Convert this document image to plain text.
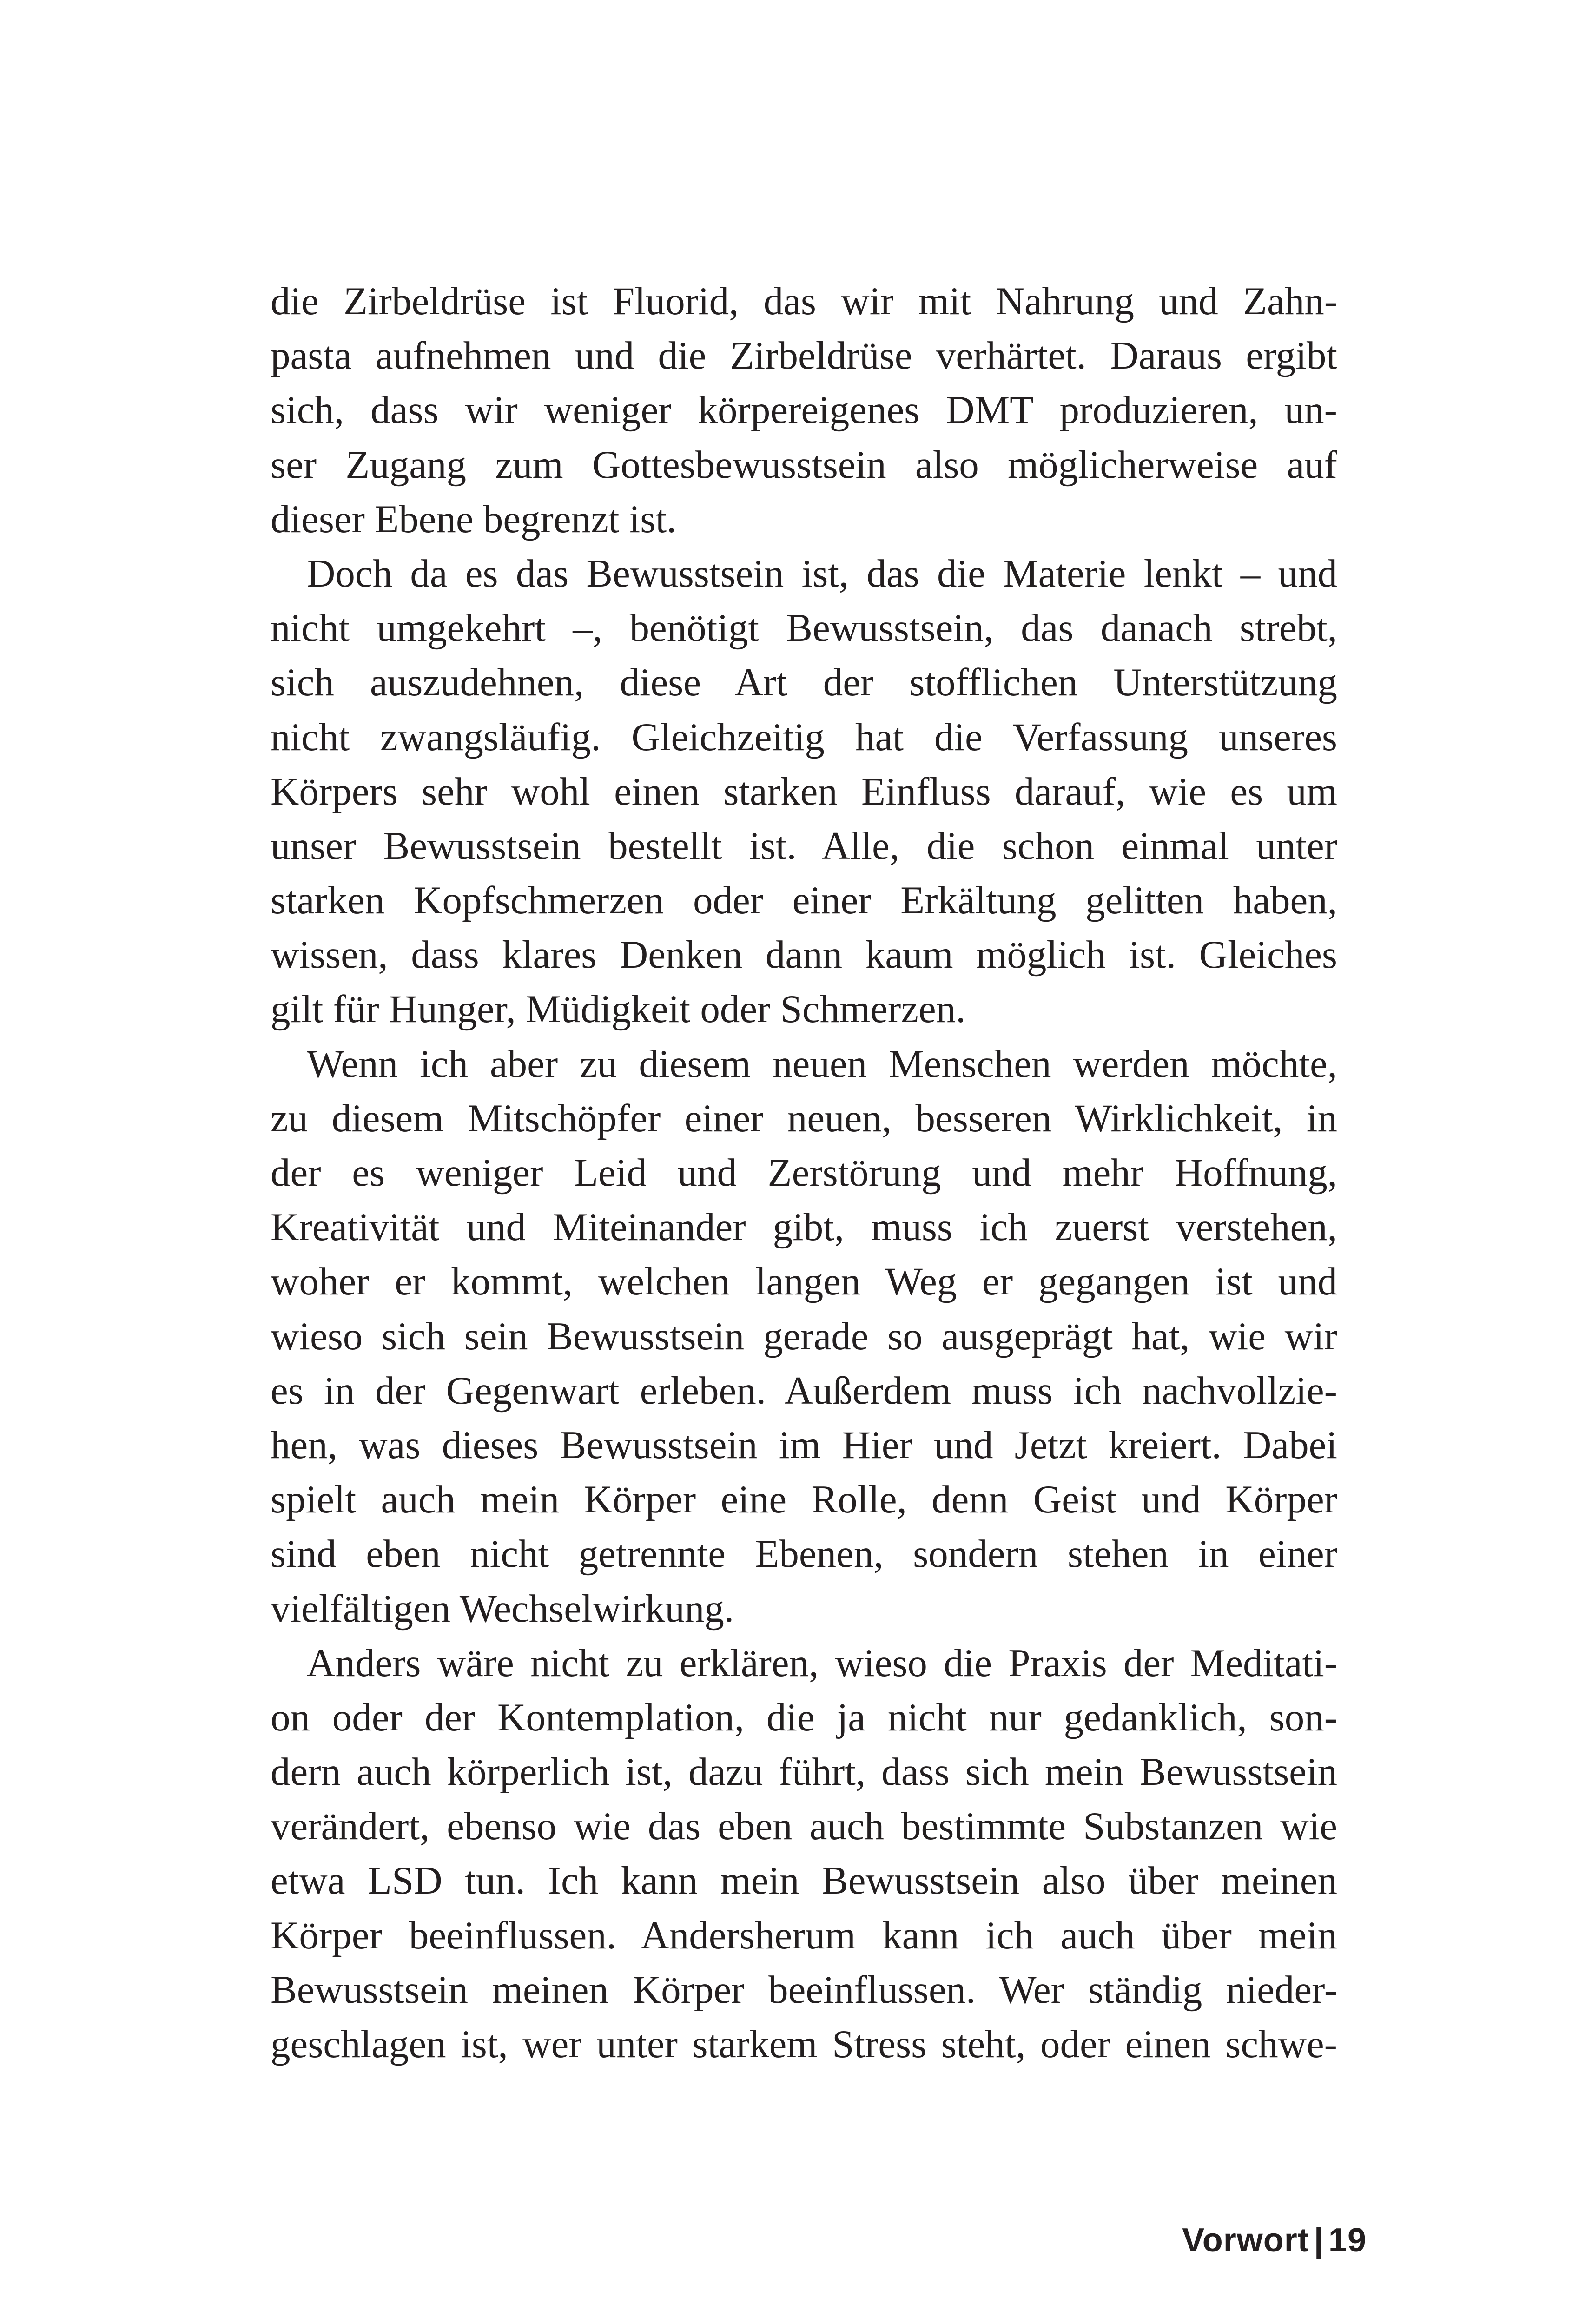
die Zirbeldrüse ist Fluorid, das wir mit Nahrung und Zahn-
pasta aufnehmen und die Zirbeldrüse verhärtet. Daraus ergibt
sich, dass wir weniger körpereigenes DMT produzieren, un-
ser Zugang zum Gottesbewusstsein also möglicherweise auf
dieser Ebene begrenzt ist.
Doch da es das Bewusstsein ist, das die Materie lenkt – und
nicht umgekehrt –, benötigt Bewusstsein, das danach strebt,
sich auszudehnen, diese Art der stofflichen Unterstützung
nicht zwangsläufig. Gleichzeitig hat die Verfassung unseres
Körpers sehr wohl einen starken Einfluss darauf, wie es um
unser Bewusstsein bestellt ist. Alle, die schon einmal unter
starken Kopfschmerzen oder einer Erkältung gelitten haben,
wissen, dass klares Denken dann kaum möglich ist. Gleiches
gilt für Hunger, Müdigkeit oder Schmerzen.
Wenn ich aber zu diesem neuen Menschen werden möchte,
zu diesem Mitschöpfer einer neuen, besseren Wirklichkeit, in
der es weniger Leid und Zerstörung und mehr Hoffnung,
Kreativität und Miteinander gibt, muss ich zuerst verstehen,
woher er kommt, welchen langen Weg er gegangen ist und
wieso sich sein Bewusstsein gerade so ausgeprägt hat, wie wir
es in der Gegenwart erleben. Außerdem muss ich nachvollzie-
hen, was dieses Bewusstsein im Hier und Jetzt kreiert. Dabei
spielt auch mein Körper eine Rolle, denn Geist und Körper
sind eben nicht getrennte Ebenen, sondern stehen in einer
vielfältigen Wechselwirkung.
Anders wäre nicht zu erklären, wieso die Praxis der Meditati-
on oder der Kontemplation, die ja nicht nur gedanklich, son-
dern auch körperlich ist, dazu führt, dass sich mein Bewusstsein
verändert, ebenso wie das eben auch bestimmte Substanzen wie
etwa LSD tun. Ich kann mein Bewusstsein also über meinen
Körper beeinflussen. Andersherum kann ich auch über mein
Bewusstsein meinen Körper beeinflussen. Wer ständig nieder-
geschlagen ist, wer unter starkem Stress steht, oder einen schwe-
Vorwort | 19
